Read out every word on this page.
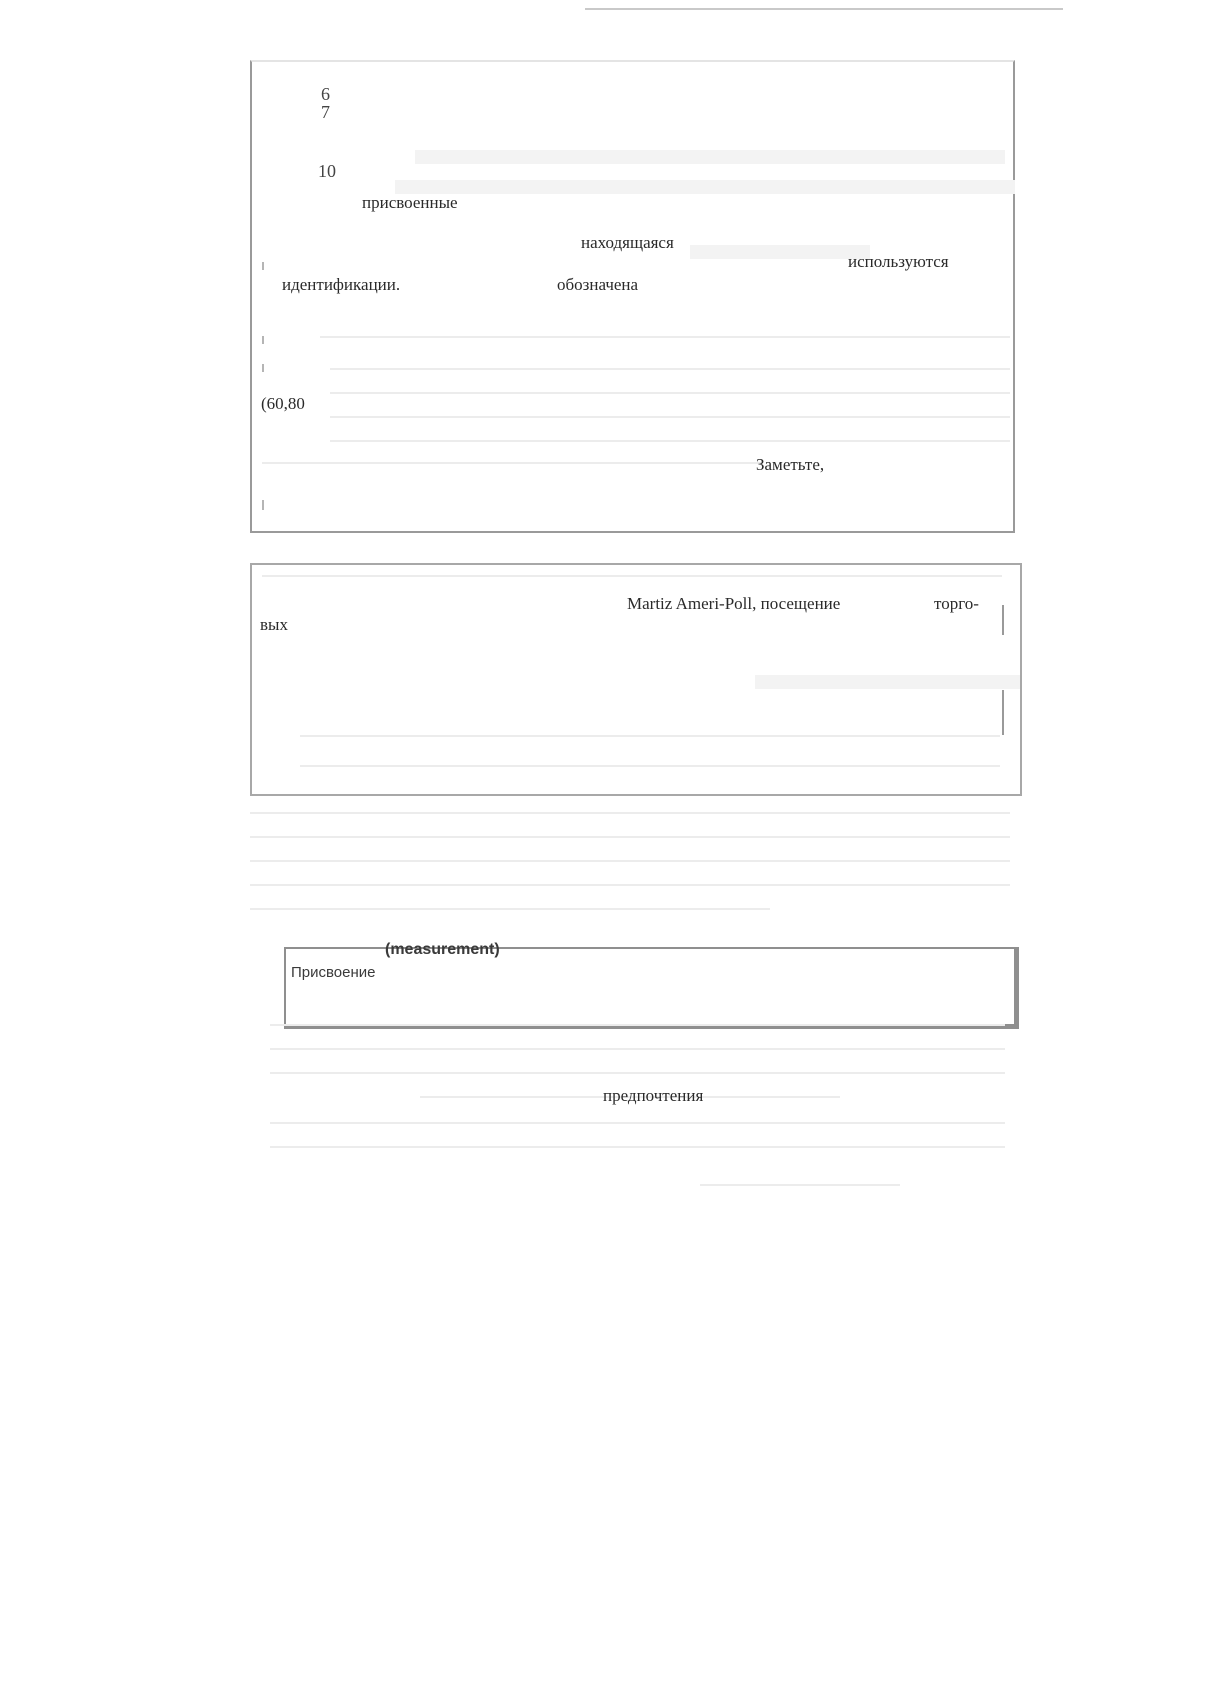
6
7
10
присвоенные
находящаяся
используются
идентификации.	обозначена
(60,80
Заметьте,
Martiz Ameri-Poll, посещение	торго-
вых
(measurement)
Присвоение
предпочтения
